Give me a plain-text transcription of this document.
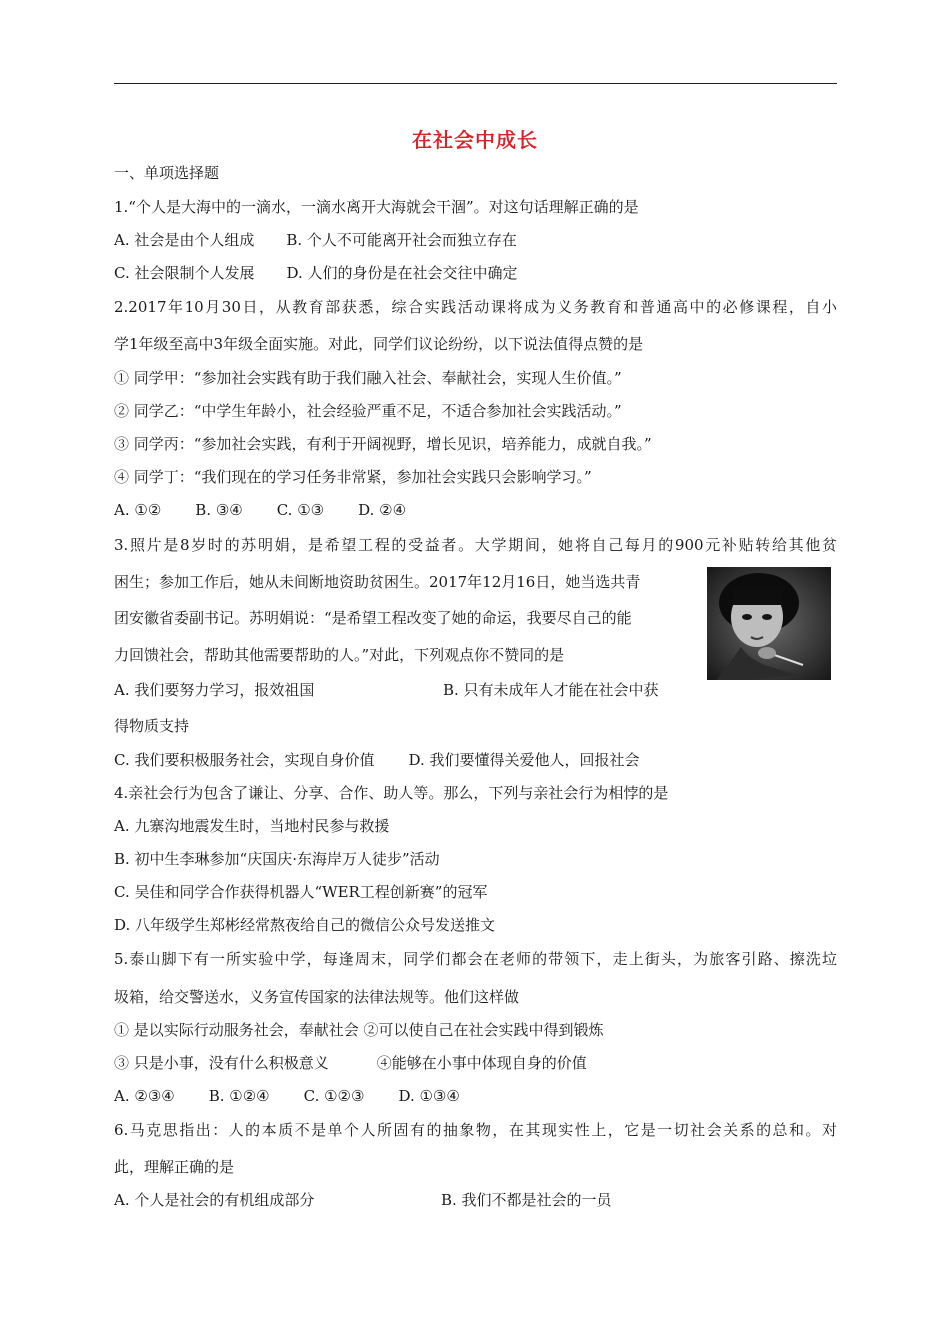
在社会中成长
一、单项选择题
1.“个人是大海中的一滴水，一滴水离开大海就会干涸”。对这句话理解正确的是
A. 社会是由个人组成 B. 个人不可能离开社会而独立存在
C. 社会限制个人发展 D. 人们的身份是在社会交往中确定
2.2017年10月30日，从教育部获悉，综合实践活动课将成为义务教育和普通高中的必修课程，自小
学1年级至高中3年级全面实施。对此，同学们议论纷纷，以下说法值得点赞的是
① 同学甲：“参加社会实践有助于我们融入社会、奉献社会，实现人生价值。”
② 同学乙：“中学生年龄小，社会经验严重不足，不适合参加社会实践活动。”
③ 同学丙：“参加社会实践，有利于开阔视野，增长见识，培养能力，成就自我。”
④ 同学丁：“我们现在的学习任务非常紧，参加社会实践只会影响学习。”
A. ①② B. ③④ C. ①③ D. ②④
3.照片是8岁时的苏明娟，是希望工程的受益者。大学期间，她将自己每月的900元补贴转给其他贫
困生；参加工作后，她从未间断地资助贫困生。2017年12月16日，她当选共青
团安徽省委副书记。苏明娟说：“是希望工程改变了她的命运，我要尽自己的能
力回馈社会，帮助其他需要帮助的人。”对此，下列观点你不赞同的是
A. 我们要努力学习，报效祖国	B. 只有未成年人才能在社会中获
得物质支持
C. 我们要积极服务社会，实现自身价值 D. 我们要懂得关爱他人，回报社会
4.亲社会行为包含了谦让、分享、合作、助人等。那么，下列与亲社会行为相悖的是
A. 九寨沟地震发生时，当地村民参与救援
B. 初中生李琳参加“庆国庆·东海岸万人徒步”活动
C. 吴佳和同学合作获得机器人“WER工程创新赛”的冠军
D. 八年级学生郑彬经常熬夜给自己的微信公众号发送推文
5.泰山脚下有一所实验中学，每逢周末，同学们都会在老师的带领下，走上街头，为旅客引路、擦洗垃
圾箱，给交警送水，义务宣传国家的法律法规等。他们这样做
① 是以实际行动服务社会，奉献社会 ②可以使自己在社会实践中得到锻炼
③ 只是小事，没有什么积极意义	④能够在小事中体现自身的价值
A. ②③④ B. ①②④ C. ①②③ D. ①③④
6.马克思指出：人的本质不是单个人所固有的抽象物，在其现实性上，它是一切社会关系的总和。对
此，理解正确的是
A. 个人是社会的有机组成部分	B. 我们不都是社会的一员
